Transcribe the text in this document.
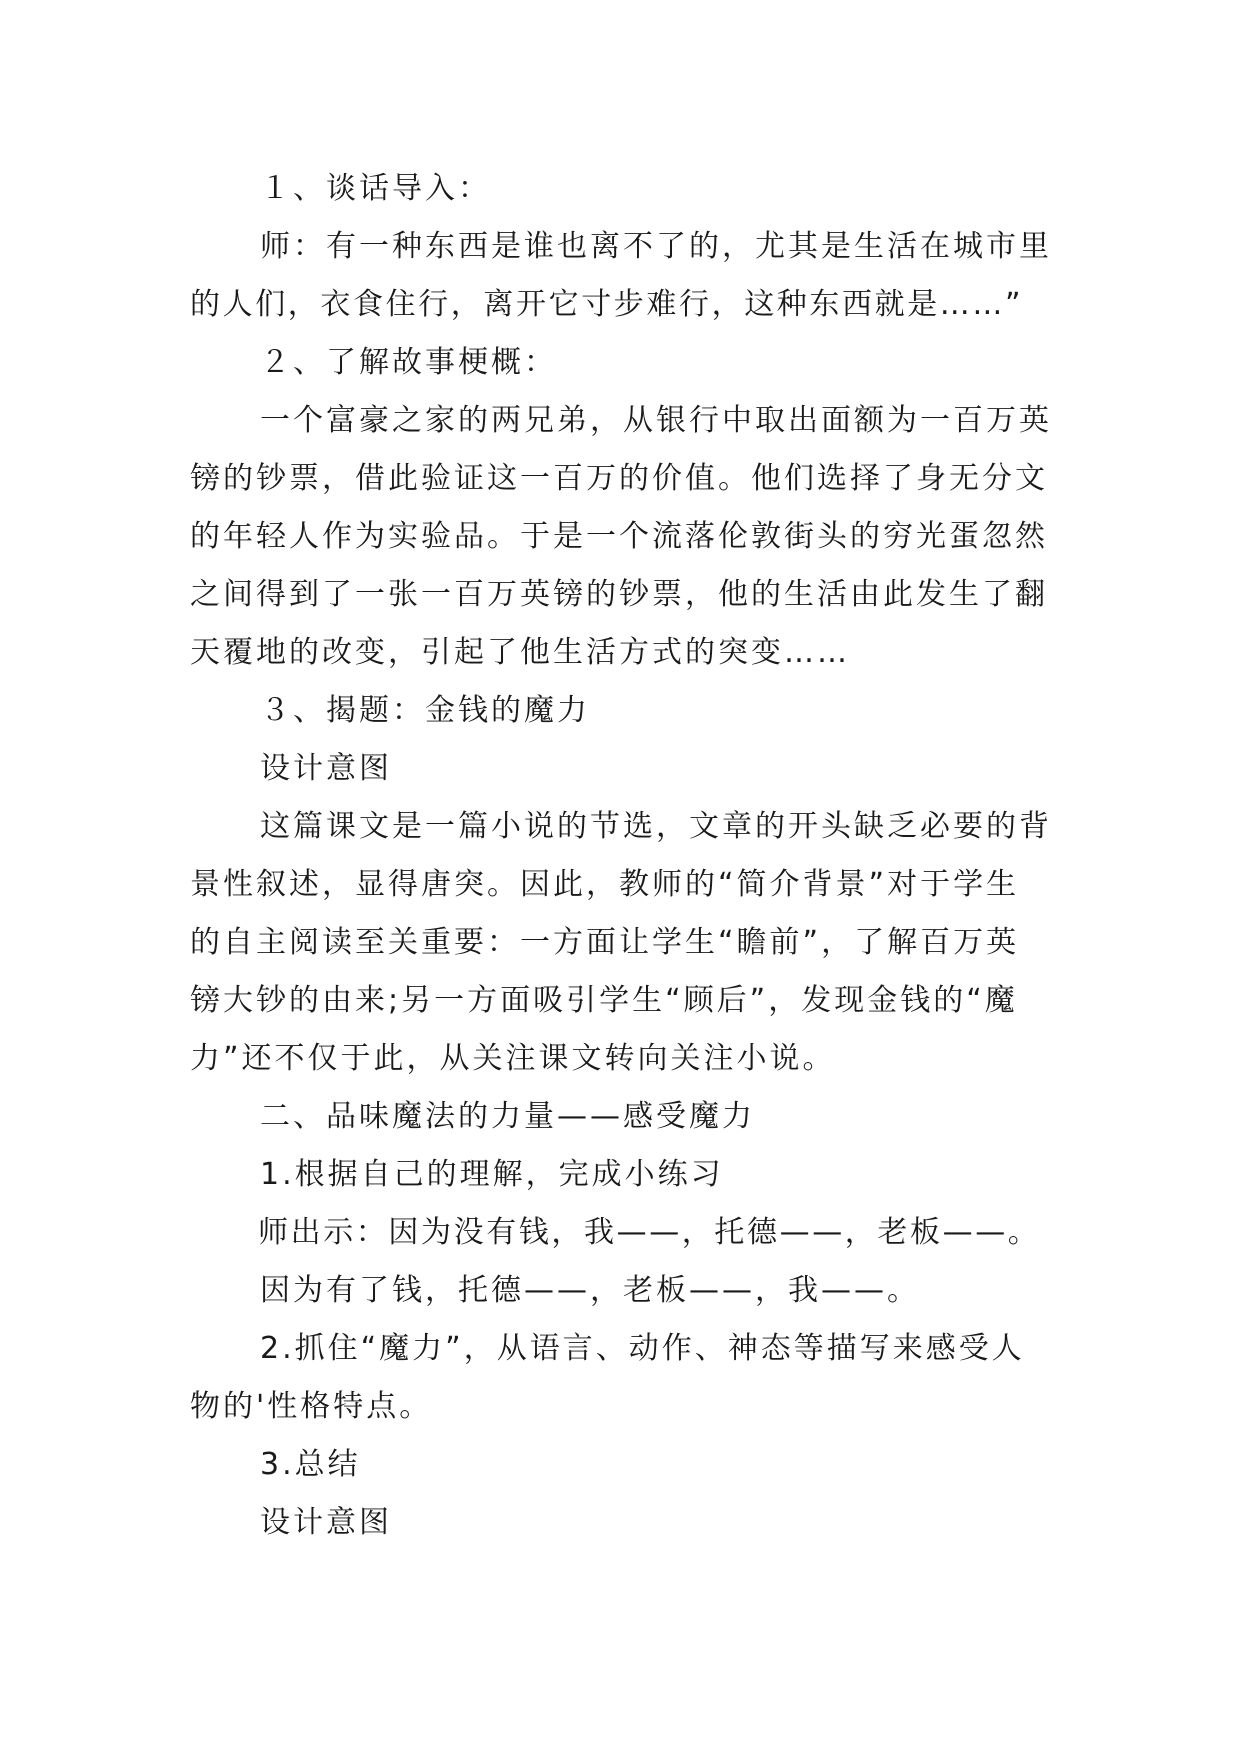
１、谈话导入：
师：有一种东西是谁也离不了的，尤其是生活在城市里
的人们，衣食住行，离开它寸步难行，这种东西就是……”
２、了解故事梗概：
一个富豪之家的两兄弟，从银行中取出面额为一百万英
镑的钞票，借此验证这一百万的价值。他们选择了身无分文
的年轻人作为实验品。于是一个流落伦敦街头的穷光蛋忽然
之间得到了一张一百万英镑的钞票，他的生活由此发生了翻
天覆地的改变，引起了他生活方式的突变……
３、揭题：金钱的魔力
设计意图
这篇课文是一篇小说的节选，文章的开头缺乏必要的背
景性叙述，显得唐突。因此，教师的“简介背景”对于学生
的自主阅读至关重要：一方面让学生“瞻前”，了解百万英
镑大钞的由来;另一方面吸引学生“顾后”，发现金钱的“魔
力”还不仅于此，从关注课文转向关注小说。
二、品味魔法的力量——感受魔力
1.根据自己的理解，完成小练习
师出示：因为没有钱，我——，托德——，老板——。
因为有了钱，托德——，老板——，我——。
2.抓住“魔力”，从语言、动作、神态等描写来感受人
物的'性格特点。
3.总结
设计意图
